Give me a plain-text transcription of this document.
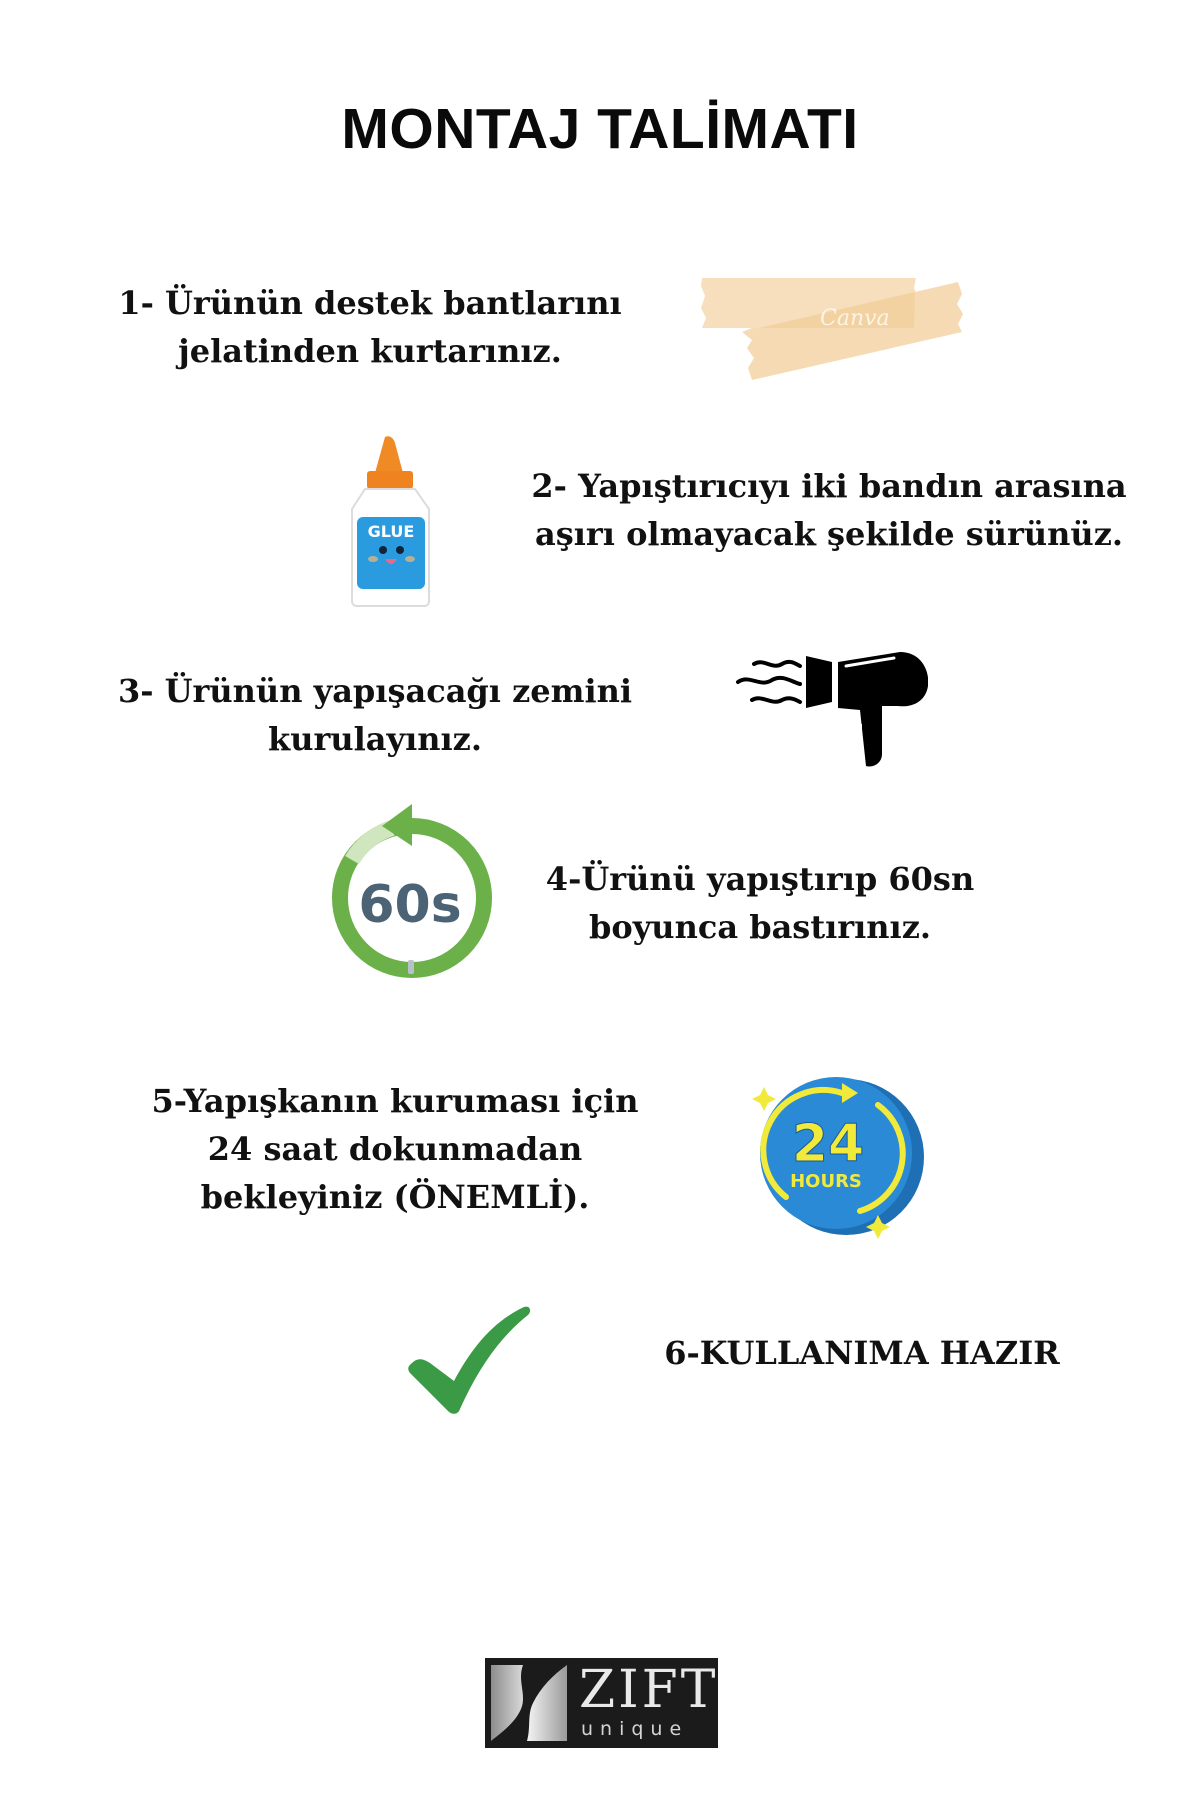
MONTAJ TALİMATI
1- Ürünün destek bantlarını
jelatinden kurtarınız.
Canva
GLUE
2- Yapıştırıcıyı iki bandın arasına
aşırı olmayacak şekilde sürünüz.
3- Ürünün yapışacağı zemini
kurulayınız.
60s	4-Ürünü yapıştırıp 60sn
boyunca bastırınız.
5-Yapışkanın kuruması için
24 saat dokunmadan
bekleyiniz (ÖNEMLİ).
24
HOURS
6-KULLANIMA HAZIR
ZIFT
unique
